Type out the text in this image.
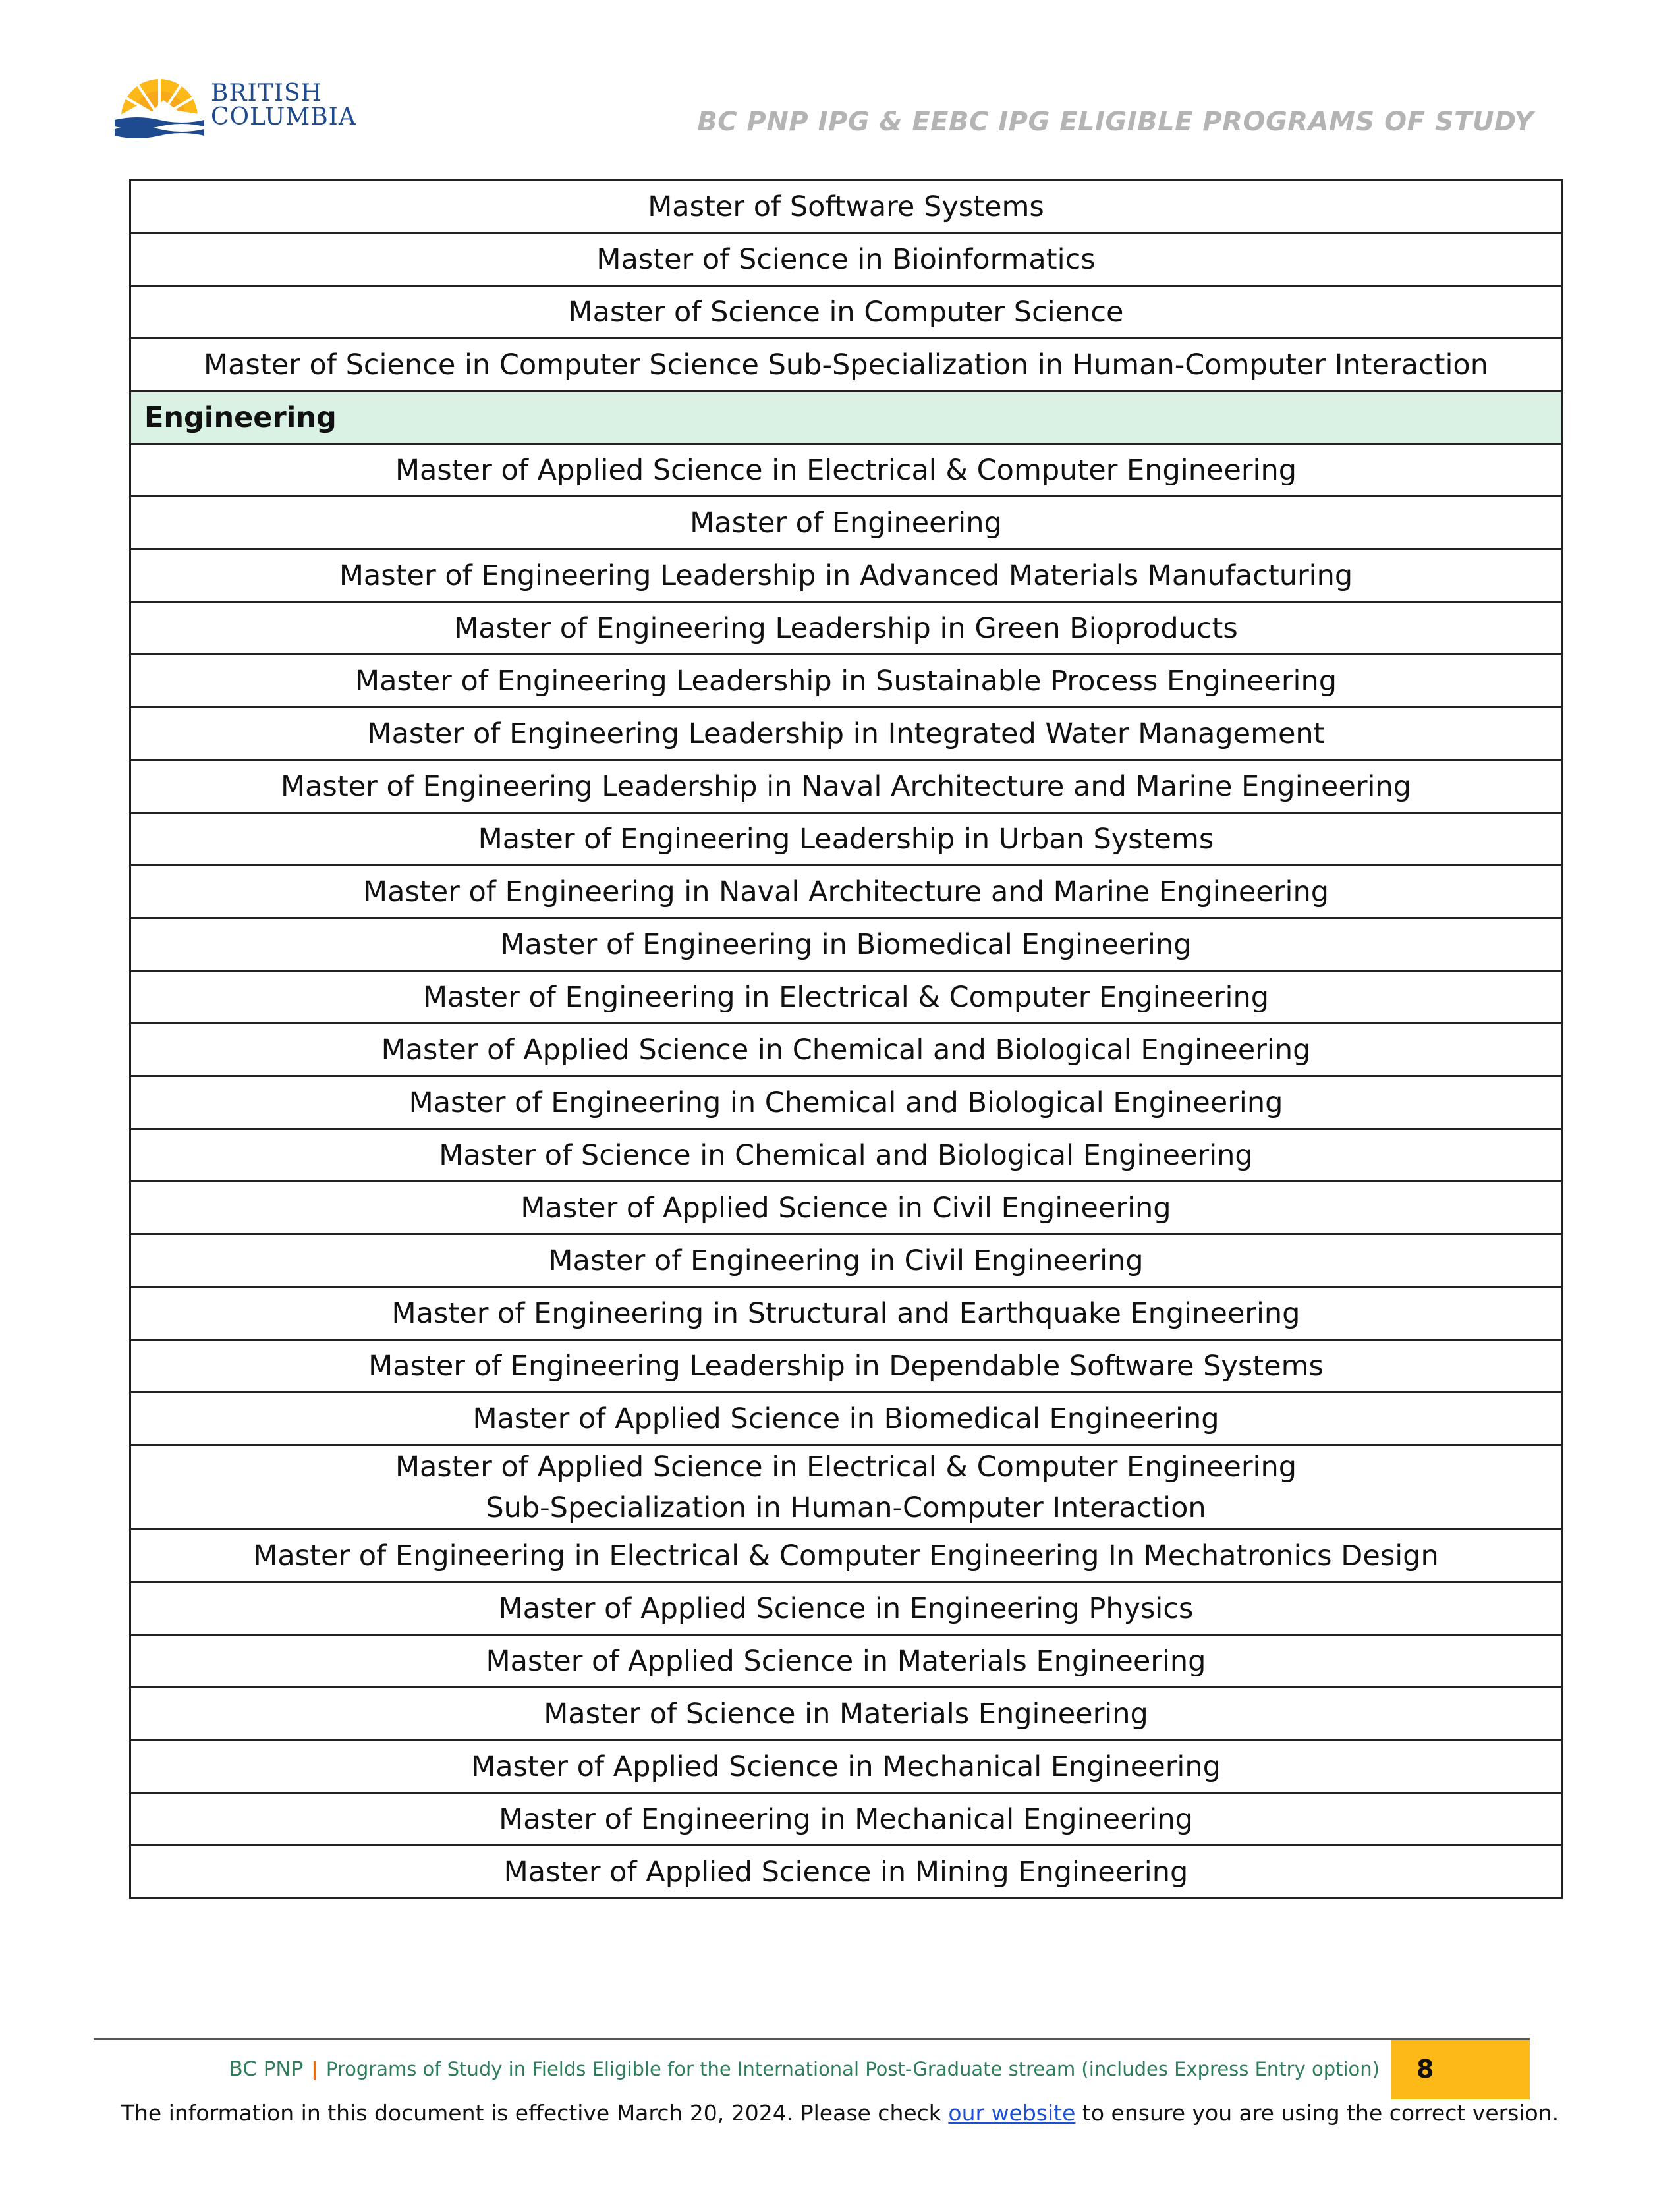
BRITISH
COLUMBIA	BC PNP IPG & EEBC IPG ELIGIBLE PROGRAMS OF STUDY
Master of Software Systems
Master of Science in Bioinformatics
Master of Science in Computer Science
Master of Science in Computer Science Sub-Specialization in Human-Computer Interaction
Engineering
Master of Applied Science in Electrical & Computer Engineering
Master of Engineering
Master of Engineering Leadership in Advanced Materials Manufacturing
Master of Engineering Leadership in Green Bioproducts
Master of Engineering Leadership in Sustainable Process Engineering
Master of Engineering Leadership in Integrated Water Management
Master of Engineering Leadership in Naval Architecture and Marine Engineering
Master of Engineering Leadership in Urban Systems
Master of Engineering in Naval Architecture and Marine Engineering
Master of Engineering in Biomedical Engineering
Master of Engineering in Electrical & Computer Engineering
Master of Applied Science in Chemical and Biological Engineering
Master of Engineering in Chemical and Biological Engineering
Master of Science in Chemical and Biological Engineering
Master of Applied Science in Civil Engineering
Master of Engineering in Civil Engineering
Master of Engineering in Structural and Earthquake Engineering
Master of Engineering Leadership in Dependable Software Systems
Master of Applied Science in Biomedical Engineering

Master of Applied Science in Electrical & Computer Engineering
Sub-Specialization in Human-Computer Interaction

Master of Engineering in Electrical & Computer Engineering In Mechatronics Design
Master of Applied Science in Engineering Physics
Master of Applied Science in Materials Engineering
Master of Science in Materials Engineering
Master of Applied Science in Mechanical Engineering
Master of Engineering in Mechanical Engineering
Master of Applied Science in Mining Engineering
BC PNP | Programs of Study in Fields Eligible for the International Post-Graduate stream (includes Express Entry option) 8
The information in this document is effective March 20, 2024. Please check our website to ensure you are using the correct version.
